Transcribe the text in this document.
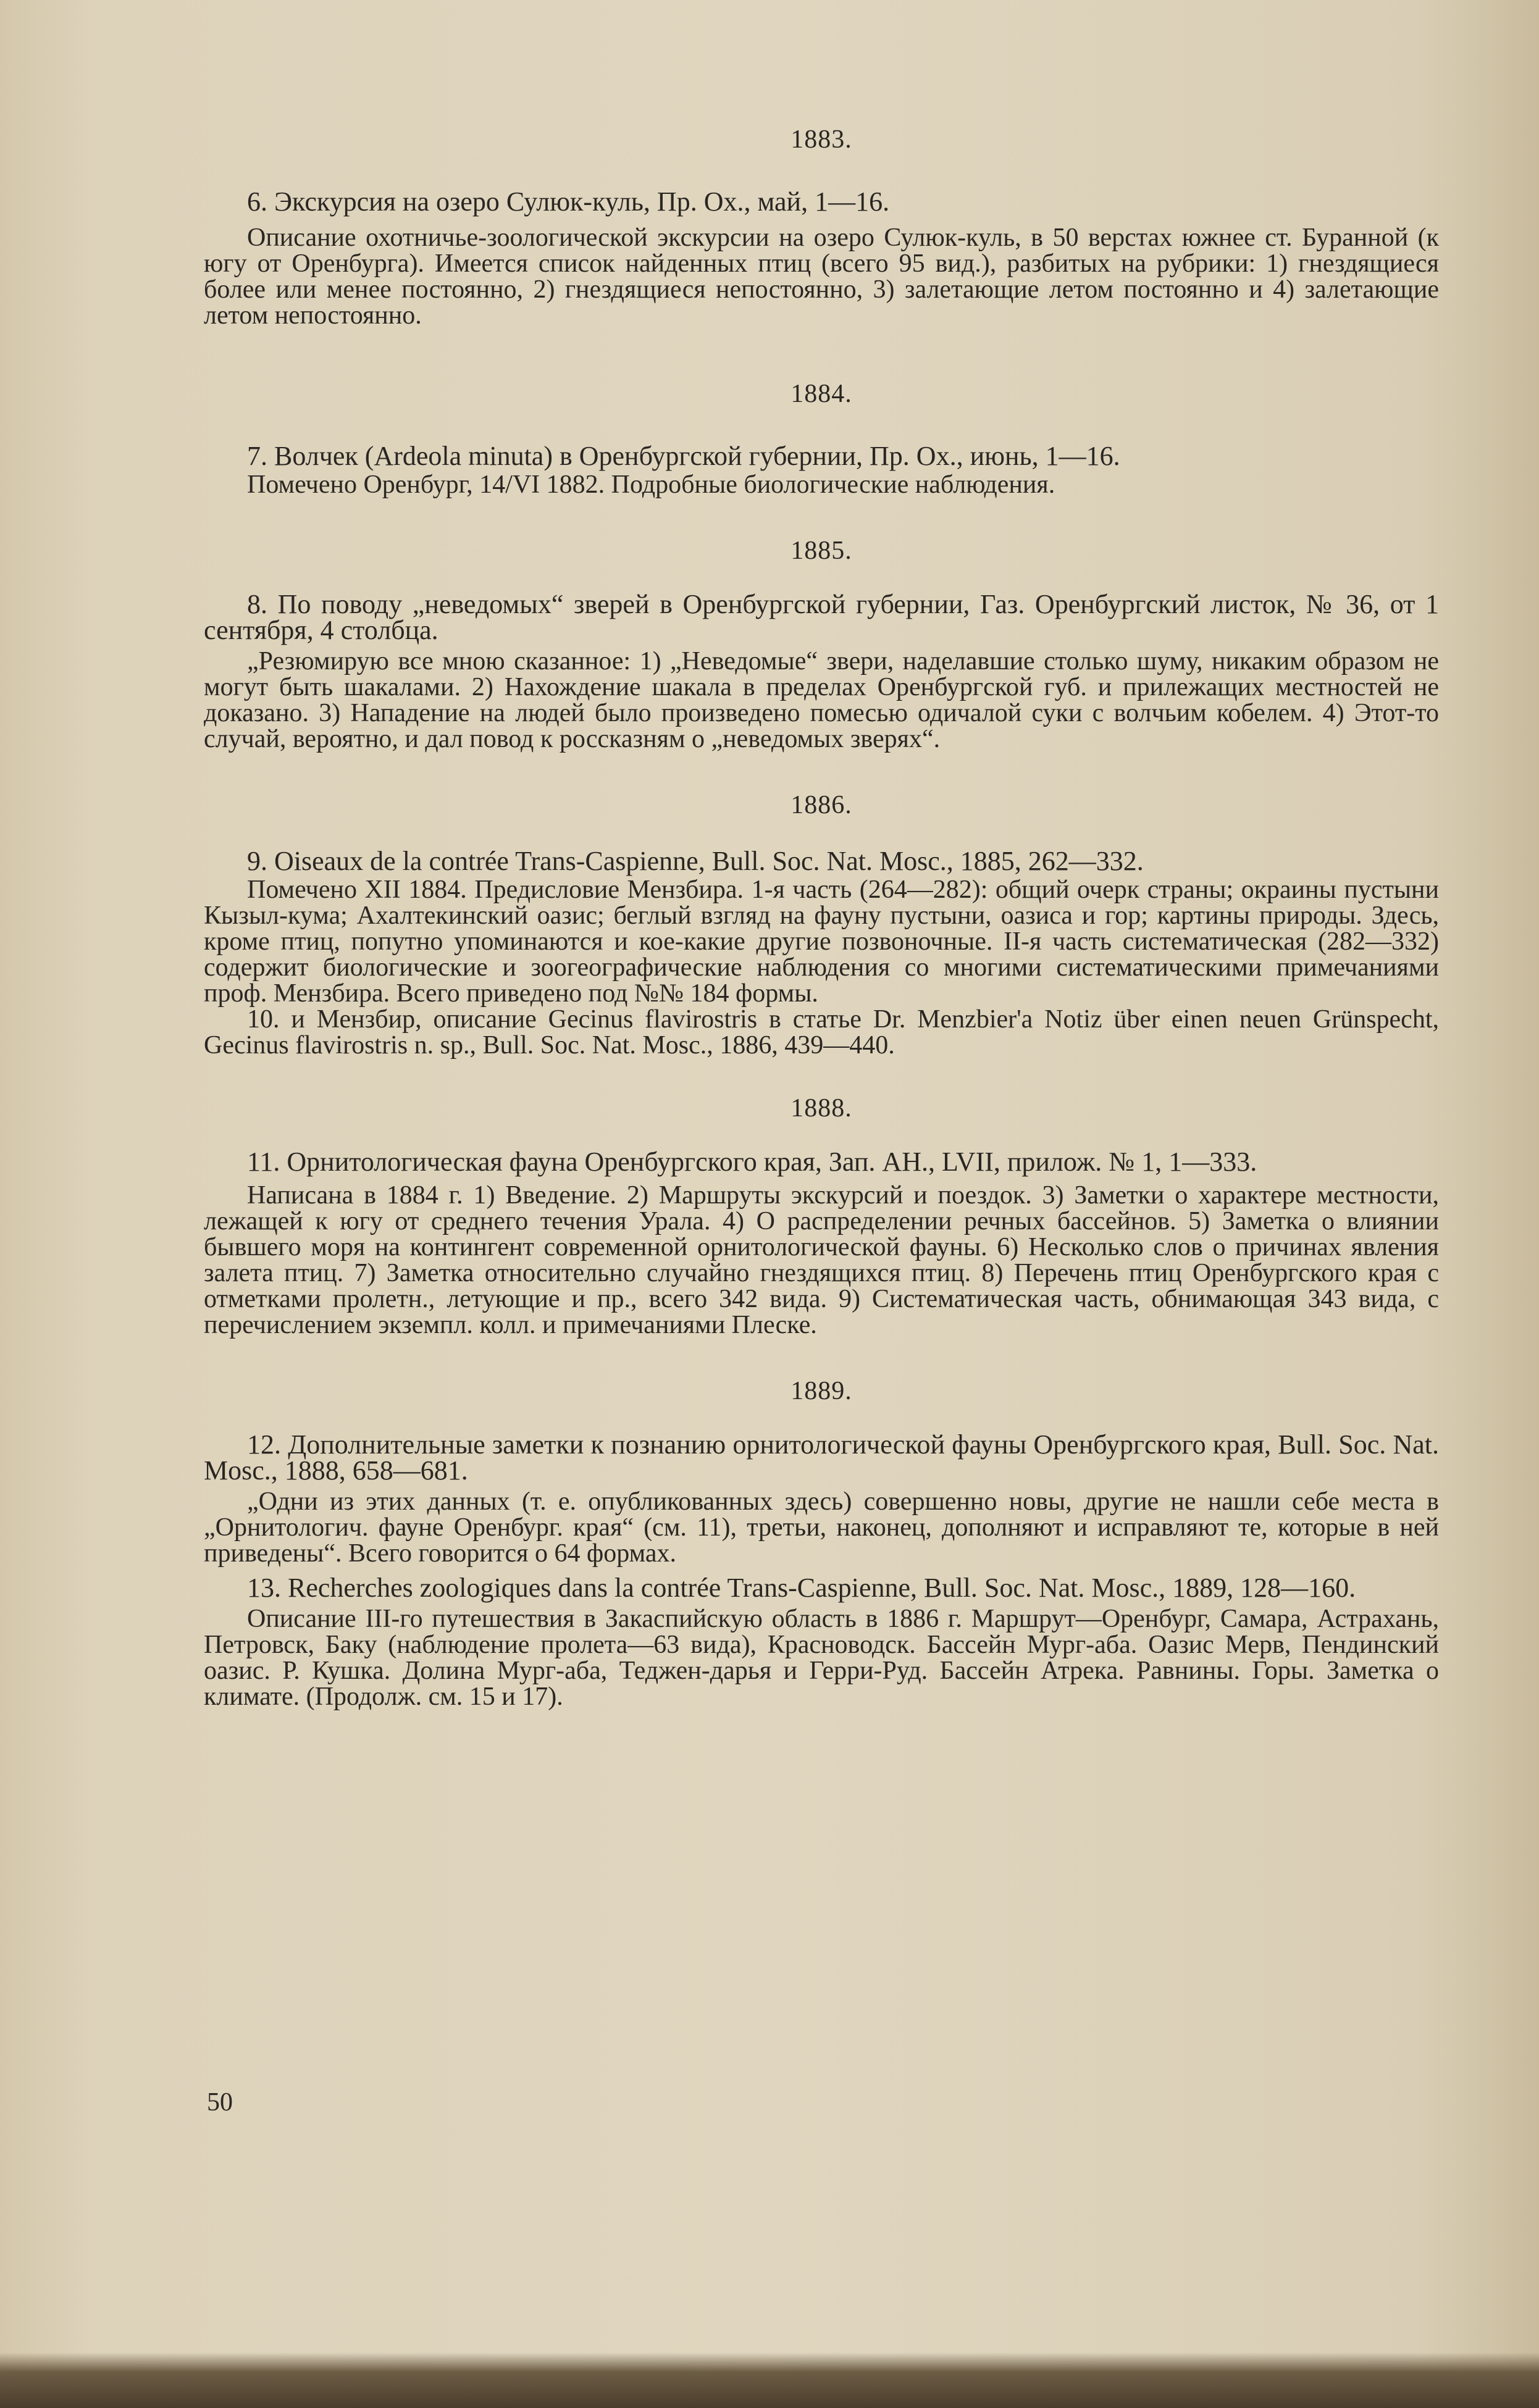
1883.

6. Экскурсия на озеро Сулюк-куль, Пр. Ох., май, 1—16.

Описание охотничье-зоологической экскурсии на озеро Сулюк-куль, в 50 верстах южнее ст. Буранной (к югу от Оренбурга). Имеется список найденных птиц (всего 95 вид.), разбитых на рубрики: 1) гнездящиеся более или менее постоянно, 2) гнездящиеся непостоянно, 3) залетающие летом постоянно и 4) залетающие летом непостоянно.

1884.

7. Волчек (Ardeola minuta) в Оренбургской губернии, Пр. Ох., июнь, 1—16.

Помечено Оренбург, 14/VI 1882. Подробные биологические наблюдения.

1885.

8. По поводу „неведомых“ зверей в Оренбургской губернии, Газ. Оренбургский листок, № 36, от 1 сентября, 4 столбца.

„Резюмирую все мною сказанное: 1) „Неведомые“ звери, наделавшие столько шуму, никаким образом не могут быть шакалами. 2) Нахождение шакала в пределах Оренбургской губ. и прилежащих местностей не доказано. 3) Нападение на людей было произведено помесью одичалой суки с волчьим кобелем. 4) Этот-то случай, вероятно, и дал повод к россказням о „неведомых зверях“.

1886.

9. Oiseaux de la contrée Trans-Caspienne, Bull. Soc. Nat. Mosc., 1885, 262—332.

Помечено XII 1884. Предисловие Мензбира. 1-я часть (264—282): общий очерк страны; окраины пустыни Кызыл-кума; Ахалтекинский оазис; беглый взгляд на фауну пустыни, оазиса и гор; картины природы. Здесь, кроме птиц, попутно упоминаются и кое-какие другие позвоночные. II-я часть систематическая (282—332) содержит биологические и зоогеографические наблюдения со многими систематическими примечаниями проф. Мензбира. Всего приведено под №№ 184 формы.

10. и Мензбир, описание Gecinus flavirostris в статье Dr. Menzbier'a Notiz über einen neuen Grünspecht, Gecinus flavirostris n. sp., Bull. Soc. Nat. Mosc., 1886, 439—440.

1888.

11. Орнитологическая фауна Оренбургского края, Зап. АН., LVII, прилож. № 1, 1—333.

Написана в 1884 г. 1) Введение. 2) Маршруты экскурсий и поездок. 3) Заметки о характере местности, лежащей к югу от среднего течения Урала. 4) О распределении речных бассейнов. 5) Заметка о влиянии бывшего моря на контингент современной орнитологической фауны. 6) Несколько слов о причинах явления залета птиц. 7) Заметка относительно случайно гнездящихся птиц. 8) Перечень птиц Оренбургского края с отметками пролетн., летующие и пр., всего 342 вида. 9) Систематическая часть, обнимающая 343 вида, с перечислением экземпл. колл. и примечаниями Плеске.

1889.

12. Дополнительные заметки к познанию орнитологической фауны Оренбургского края, Bull. Soc. Nat. Mosc., 1888, 658—681.

„Одни из этих данных (т. е. опубликованных здесь) совершенно новы, другие не нашли себе места в „Орнитологич. фауне Оренбург. края“ (см. 11), третьи, наконец, дополняют и исправляют те, которые в ней приведены“. Всего говорится о 64 формах.

13. Recherches zoologiques dans la contrée Trans-Caspienne, Bull. Soc. Nat. Mosc., 1889, 128—160.

Описание III-го путешествия в Закаспийскую область в 1886 г. Маршрут—Оренбург, Самара, Астрахань, Петровск, Баку (наблюдение пролета—63 вида), Красноводск. Бассейн Мург-аба. Оазис Мерв, Пендинский оазис. Р. Кушка. Долина Мург-аба, Теджен-дарья и Герри-Руд. Бассейн Атрека. Равнины. Горы. Заметка о климате. (Продолж. см. 15 и 17).

50
